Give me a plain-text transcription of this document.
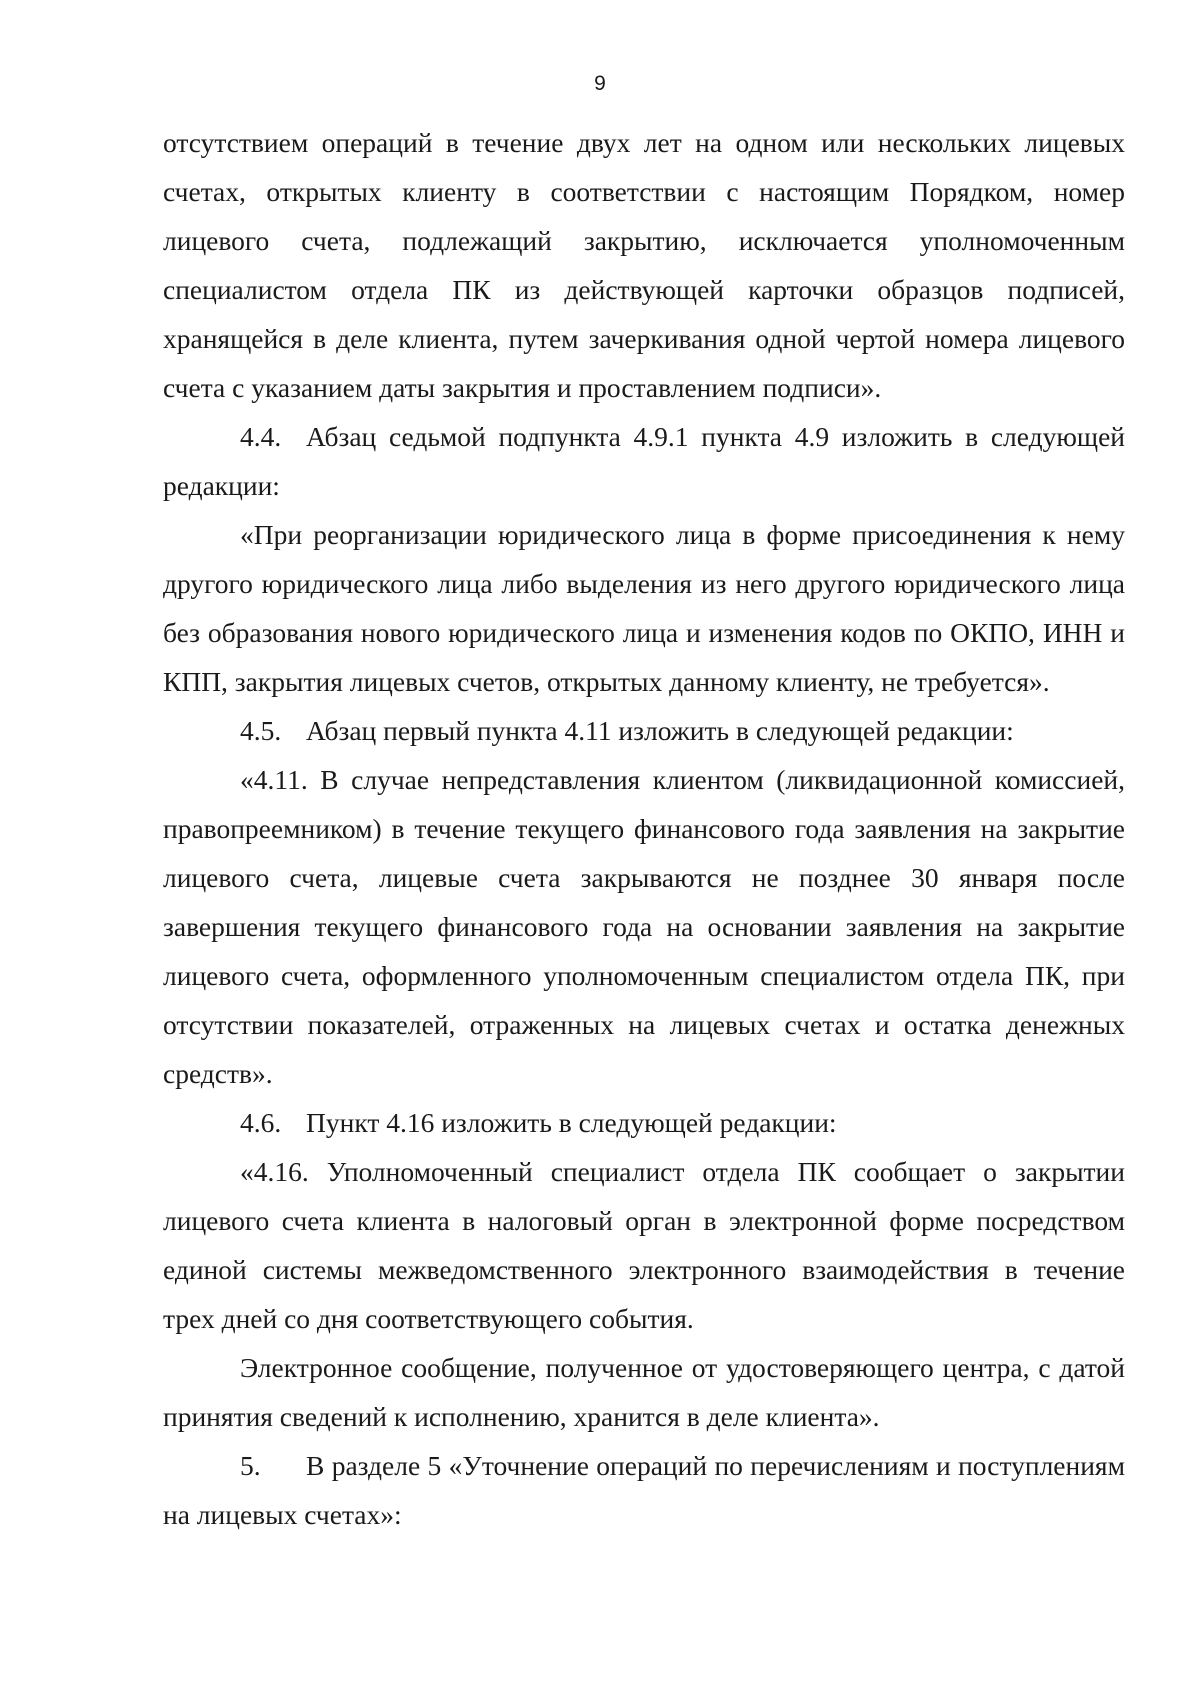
9

отсутствием операций в течение двух лет на одном или нескольких лицевых счетах, открытых клиенту в соответствии с настоящим Порядком, номер лицевого счета, подлежащий закрытию, исключается уполномоченным специалистом отдела ПК из действующей карточки образцов подписей, хранящейся в деле клиента, путем зачеркивания одной чертой номера лицевого счета с указанием даты закрытия и проставлением подписи».

4.4. Абзац седьмой подпункта 4.9.1 пункта 4.9 изложить в следующей редакции:

«При реорганизации юридического лица в форме присоединения к нему другого юридического лица либо выделения из него другого юридического лица без образования нового юридического лица и изменения кодов по ОКПО, ИНН и КПП, закрытия лицевых счетов, открытых данному клиенту, не требуется».

4.5. Абзац первый пункта 4.11 изложить в следующей редакции:

«4.11. В случае непредставления клиентом (ликвидационной комиссией, правопреемником) в течение текущего финансового года заявления на закрытие лицевого счета, лицевые счета закрываются не позднее 30 января после завершения текущего финансового года на основании заявления на закрытие лицевого счета, оформленного уполномоченным специалистом отдела ПК, при отсутствии показателей, отраженных на лицевых счетах и остатка денежных средств».

4.6. Пункт 4.16 изложить в следующей редакции:

«4.16. Уполномоченный специалист отдела ПК сообщает о закрытии лицевого счета клиента в налоговый орган в электронной форме посредством единой системы межведомственного электронного взаимодействия в течение трех дней со дня соответствующего события.

Электронное сообщение, полученное от удостоверяющего центра, с датой принятия сведений к исполнению, хранится в деле клиента».

5. В разделе 5 «Уточнение операций по перечислениям и поступлениям на лицевых счетах»:
